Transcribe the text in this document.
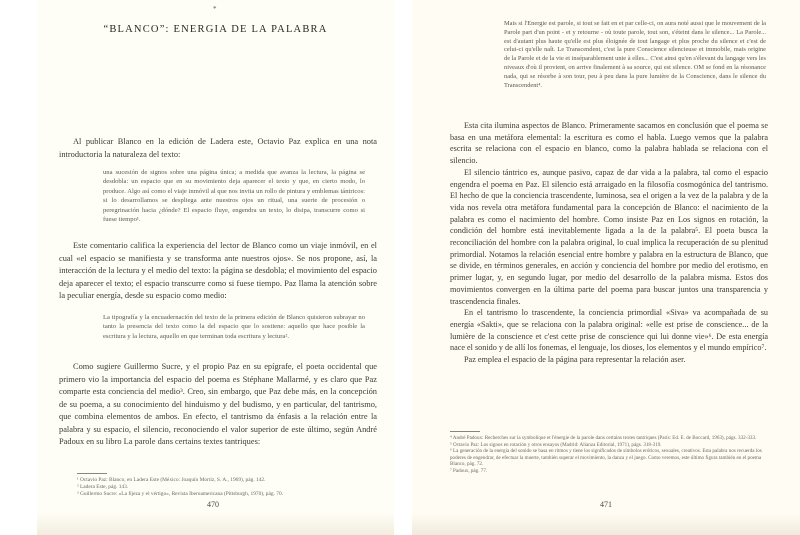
*
“BLANCO”: ENERGIA DE LA PALABRA

Al publicar Blanco en la edición de Ladera este, Octavio Paz explica en una nota introductoria la naturaleza del texto:

una sucesión de signos sobre una página única; a medida que avanza la lectura, la página se desdobla: un espacio que en su movimiento deja aparecer el texto y que, en cierto modo, lo produce. Algo así como el viaje inmóvil al que nos invita un rollo de pintura y emblemas tántricos: si lo desarrollamos se despliega ante nuestros ojos un ritual, una suerte de procesión o peregrinación hacia ¿dónde? El espacio fluye, engendra un texto, lo disipa, transcurre como si fuese tiempo¹.

Este comentario califica la experiencia del lector de Blanco como un viaje inmóvil, en el cual «el espacio se manifiesta y se transforma ante nuestros ojos». Se nos propone, así, la interacción de la lectura y el medio del texto: la página se desdobla; el movimiento del espacio deja aparecer el texto; el espacio transcurre como si fuese tiempo. Paz llama la atención sobre la peculiar energía, desde su espacio como medio:

La tipografía y la encuadernación del texto de la primera edición de Blanco quisieron subrayar no tanto la presencia del texto como la del espacio que lo sostiene: aquello que hace posible la escritura y la lectura, aquello en que terminan toda escritura y lectura².

Como sugiere Guillermo Sucre, y el propio Paz en su epígrafe, el poeta occidental que primero vio la importancia del espacio del poema es Stéphane Mallarmé, y es claro que Paz comparte esta conciencia del medio³. Creo, sin embargo, que Paz debe más, en la concepción de su poema, a su conocimiento del hinduismo y del budismo, y en particular, del tantrismo, que combina elementos de ambos. En efecto, el tantrismo da énfasis a la relación entre la palabra y su espacio, el silencio, reconociendo el valor superior de este último, según André Padoux en su libro La parole dans certains textes tantriques:

¹ Octavio Paz: Blanco, en Ladera Este (México: Joaquín Mortiz, S. A., 1969), pág. 142.
² Ladera Este, pág. 143.
³ Guillermo Sucre: «La fijeza y el vértigo», Revista Iberoamericana (Pittsburgh, 1970), pág. 70.
470
Mais si l'Energie est parole, si tout se fait en et par celle-ci, on aura noté aussi que le mouvement de la Parole part d'un point - et y retourne - où toute parole, tout son, s'éteint dans le silence... La Parole... est d'autant plus haute qu'elle est plus éloignée de tout langage et plus proche du silence et c'est de celui-ci qu'elle naît. Le Transcendent, c'est la pure Conscience silencieuse et immobile, mais origine de la Parole et de la vie et inséparablement unie à elles... C'est ainsi qu'en s'élevant du langage vers les niveaux d'où il provient, on arrive finalement à sa source, qui est silence. OM se fond en la résonance nada, qui se résorbe à son tour, peu à peu dans la pure lumière de la Conscience, dans le silence du Transcendent⁴.

Esta cita ilumina aspectos de Blanco. Primeramente sacamos en conclusión que el poema se basa en una metáfora elemental: la escritura es como el habla. Luego vemos que la palabra escrita se relaciona con el espacio en blanco, como la palabra hablada se relaciona con el silencio.

El silencio tántrico es, aunque pasivo, capaz de dar vida a la palabra, tal como el espacio engendra el poema en Paz. El silencio está arraigado en la filosofía cosmogónica del tantrismo. El hecho de que la conciencia trascendente, luminosa, sea el origen a la vez de la palabra y de la vida nos revela otra metáfora fundamental para la concepción de Blanco: el nacimiento de la palabra es como el nacimiento del hombre. Como insiste Paz en Los signos en rotación, la condición del hombre está inevitablemente ligada a la de la palabra⁵. El poeta busca la reconciliación del hombre con la palabra original, lo cual implica la recuperación de su plenitud primordial. Notamos la relación esencial entre hombre y palabra en la estructura de Blanco, que se divide, en términos generales, en acción y conciencia del hombre por medio del erotismo, en primer lugar, y, en segundo lugar, por medio del desarrollo de la palabra misma. Estos dos movimientos convergen en la última parte del poema para buscar juntos una transparencia y trascendencia finales.

En el tantrismo lo trascendente, la conciencia primordial «Siva» va acompañada de su energía «Sakti», que se relaciona con la palabra original: «elle est prise de conscience... de la lumière de la conscience et c'est cette prise de conscience qui lui donne vie»⁶. De esta energía nace el sonido y de allí los fonemas, el lenguaje, los dioses, los elementos y el mundo empírico⁷.

Paz emplea el espacio de la página para representar la relación aser.

⁴ André Padoux: Recherches sur la symbolique et l'énergie de la parole dans certains textes tantriques (París: Ed. E. de Boccard, 1963), págs. 332-333.
⁵ Octavio Paz: Los signos en rotación y otros ensayos (Madrid: Alianza Editorial, 1971), págs. 318-319.
⁶ La generación de la energía del sonido se basa en ritmos y tiene los significados de símbolos eróticos, sexuales, creativos. Esta palabra nos recuerda los poderes de engendrar, de efectuar la muerte, también superar el movimiento, la danza y el juego. Como veremos, este último figura también en el poema Blanco, pág. 72.
⁷ Padoux, pág. 77.
471
